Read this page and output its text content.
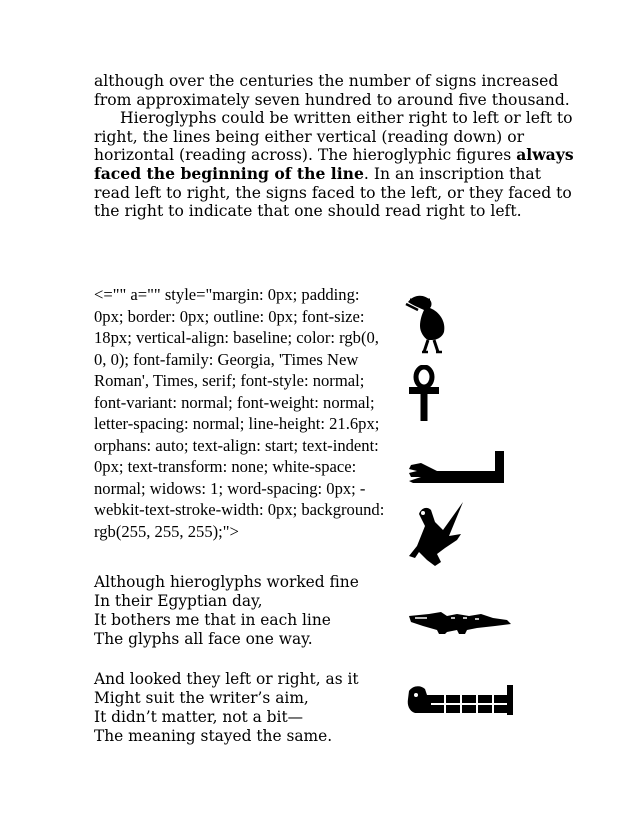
although over the centuries the number of signs increased
from approximately seven hundred to around five thousand.
Hieroglyphs could be written either right to left or left to
right, the lines being either vertical (reading down) or
horizontal (reading across). The hieroglyphic figures always
faced the beginning of the line. In an inscription that
read left to right, the signs faced to the left, or they faced to
the right to indicate that one should read right to left.
<="" a="" style="margin: 0px; padding:
0px; border: 0px; outline: 0px; font-size:
18px; vertical-align: baseline; color: rgb(0,
0, 0); font-family: Georgia, 'Times New
Roman', Times, serif; font-style: normal;
font-variant: normal; font-weight: normal;
letter-spacing: normal; line-height: 21.6px;
orphans: auto; text-align: start; text-indent:
0px; text-transform: none; white-space:
normal; widows: 1; word-spacing: 0px; -
webkit-text-stroke-width: 0px; background:
rgb(255, 255, 255);">
Although hieroglyphs worked fine
In their Egyptian day,
It bothers me that in each line
The glyphs all face one way.
And looked they left or right, as it
Might suit the writer’s aim,
It didn’t matter, not a bit—
The meaning stayed the same.
